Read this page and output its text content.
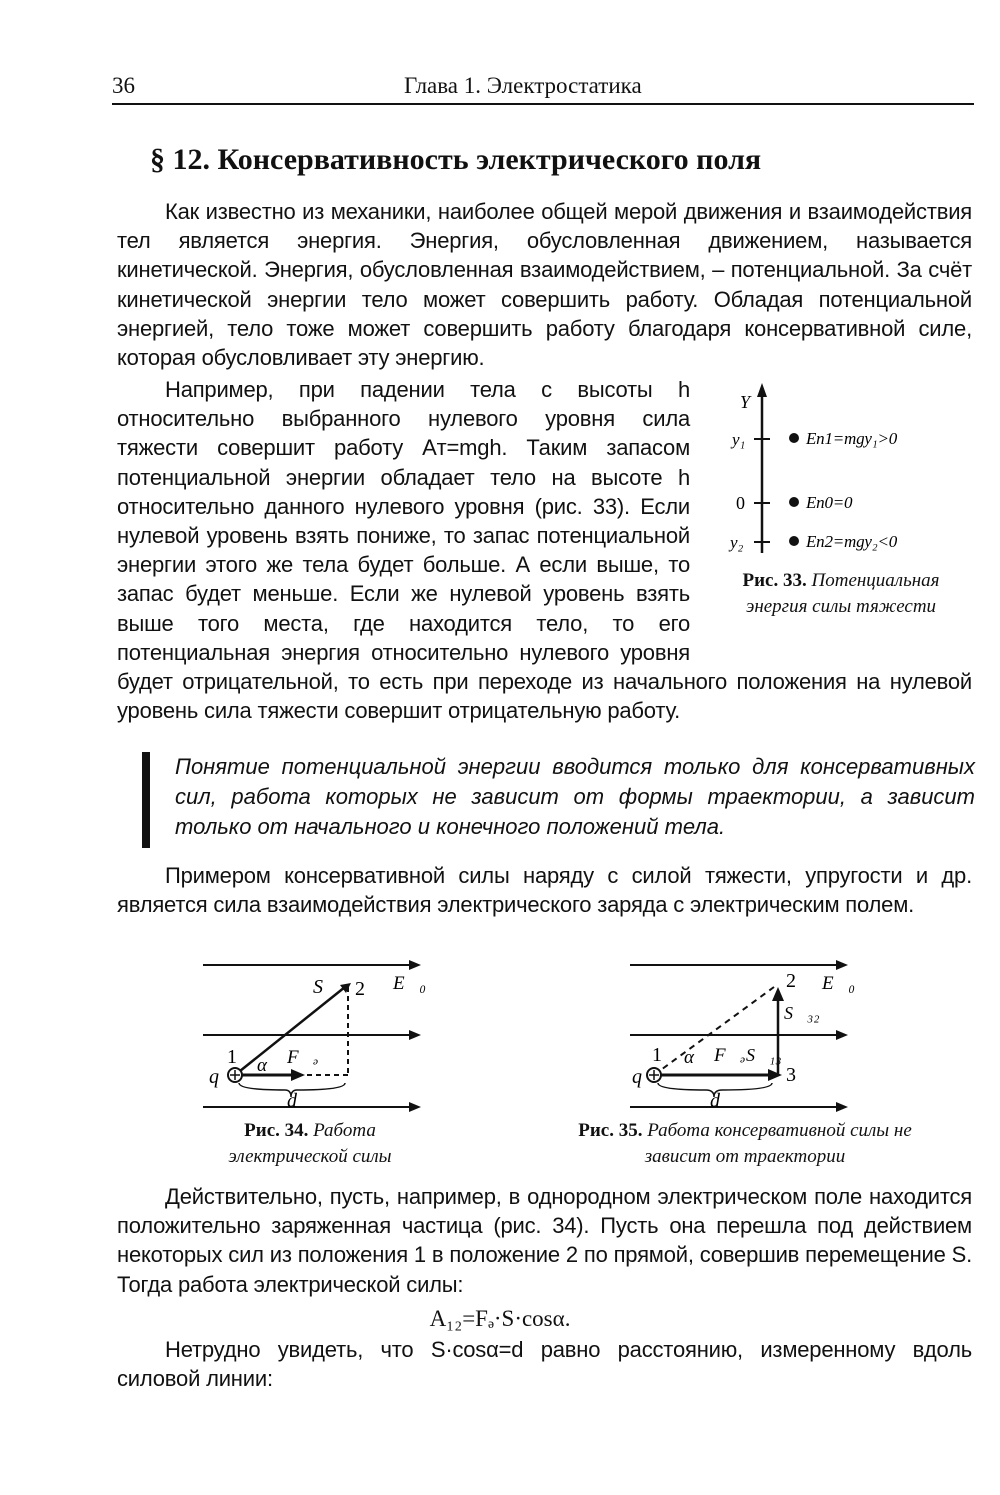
36	Глава 1. Электростатика
§ 12. Консервативность электрического поля

Как известно из механики, наиболее общей мерой движения и взаимодействия тел является энергия. Энергия, обусловленная движением, называется кинетической. Энергия, обусловленная взаимодействием, – потенциальной. За счёт кинетической энергии тело может совершить работу. Обладая потенциальной энергией, тело тоже может совершить работу благодаря консервативной силе, которая обусловливает эту энергию.

Y
y₁
0
y₂
Eп1=mgy₁>0
Eп0=0
Eп2=mgy₂<0
Например, при падении тела с высоты h относительно выбранного нулевого уровня сила тяжести совершит работу Aт=mgh. Таким запасом потенциальной энергии обладает тело на высоте h относительно данного нулевого уровня (рис. 33). Если нулевой уровень взять пониже, то запас потенциальной энергии этого же тела будет больше. А если выше, то запас будет меньше. Если же нулевой уровень взять выше того места, где находится тело, то его потенциальная энергия относительно нулевого уровня будет отрицательной, то есть при переходе из начального положения на нулевой уровень сила тяжести совершит отрицательную работу.
Рис. 33. Потенциальная энергия силы тяжести

Понятие потенциальной энергии вводится только для консервативных сил, работа которых не зависит от формы траектории, а зависит только от начального и конечного положений тела.

Примером консервативной силы наряду с силой тяжести, упругости и др. является сила взаимодействия электрического заряда с электрическим полем.

S⃗ 2 E⃗₀
1 α F⃗ₔ
q
d
Рис. 34. Работа электрической силы
2 E⃗₀
S⃗₃₂
1 α F⃗ₔ S⃗₁₃
3
q
d
Рис. 35. Работа консервативной силы не зависит от траектории

Действительно, пусть, например, в однородном электрическом поле находится положительно заряженная частица (рис. 34). Пусть она перешла под действием некоторых сил из положения 1 в положение 2 по прямой, совершив перемещение S. Тогда работа электрической силы:

A₁₂=Fₔ·S·cosα.

Нетрудно увидеть, что S·cosα=d равно расстоянию, измеренному вдоль силовой линии:
